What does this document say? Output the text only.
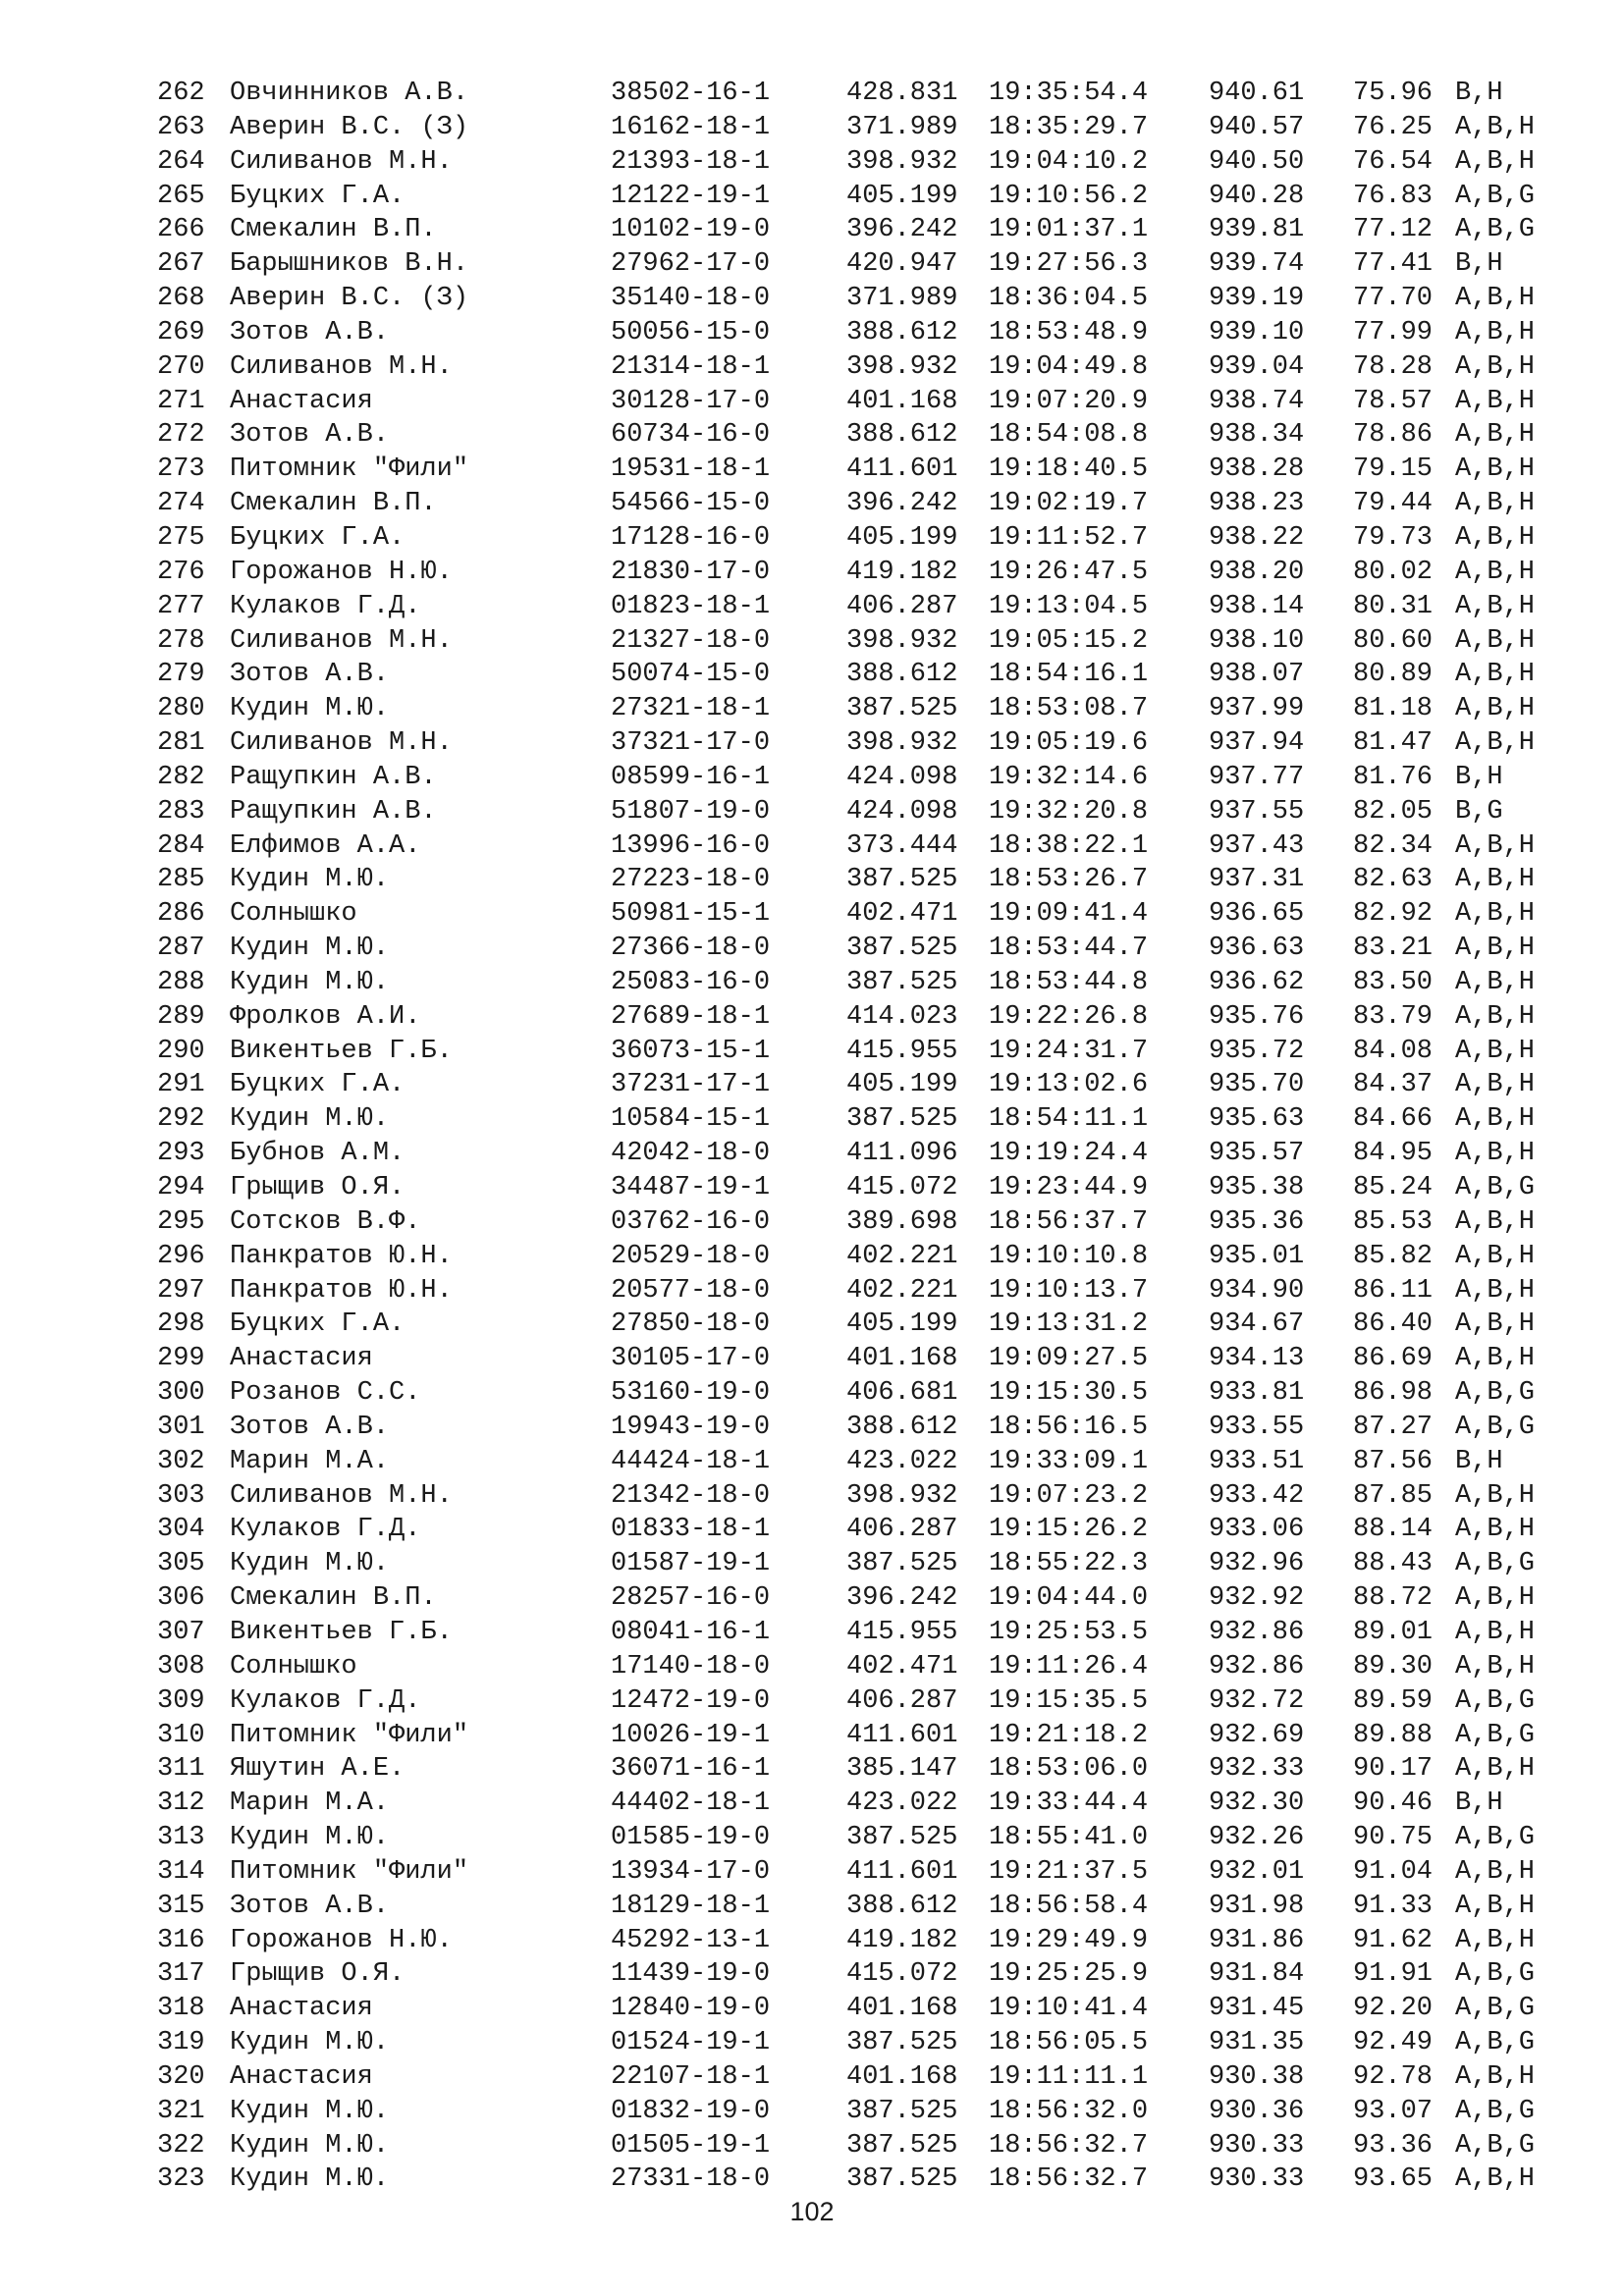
262 Овчинников А.В.	38502-16-1	428.831 19:35:54.4 940.61 75.96 B,H
263 Аверин В.С. (З)	16162-18-1	371.989 18:35:29.7 940.57 76.25 A,B,H
264 Силиванов М.Н.	21393-18-1	398.932 19:04:10.2 940.50 76.54 A,B,H
265 Буцких Г.А.	12122-19-1	405.199 19:10:56.2 940.28 76.83 A,B,G
266 Смекалин В.П.	10102-19-0	396.242 19:01:37.1 939.81 77.12 A,B,G
267 Барышников В.Н.	27962-17-0	420.947 19:27:56.3 939.74 77.41 B,H
268 Аверин В.С. (З)	35140-18-0	371.989 18:36:04.5 939.19 77.70 A,B,H
269 Зотов А.В.	50056-15-0	388.612 18:53:48.9 939.10 77.99 A,B,H
270 Силиванов М.Н.	21314-18-1	398.932 19:04:49.8 939.04 78.28 A,B,H
271 Анастасия	30128-17-0	401.168 19:07:20.9 938.74 78.57 A,B,H
272 Зотов А.В.	60734-16-0	388.612 18:54:08.8 938.34 78.86 A,B,H
273 Питомник "Фили"	19531-18-1	411.601 19:18:40.5 938.28 79.15 A,B,H
274 Смекалин В.П.	54566-15-0	396.242 19:02:19.7 938.23 79.44 A,B,H
275 Буцких Г.А.	17128-16-0	405.199 19:11:52.7 938.22 79.73 A,B,H
276 Горожанов Н.Ю.	21830-17-0	419.182 19:26:47.5 938.20 80.02 A,B,H
277 Кулаков Г.Д.	01823-18-1	406.287 19:13:04.5 938.14 80.31 A,B,H
278 Силиванов М.Н.	21327-18-0	398.932 19:05:15.2 938.10 80.60 A,B,H
279 Зотов А.В.	50074-15-0	388.612 18:54:16.1 938.07 80.89 A,B,H
280 Кудин М.Ю.	27321-18-1	387.525 18:53:08.7 937.99 81.18 A,B,H
281 Силиванов М.Н.	37321-17-0	398.932 19:05:19.6 937.94 81.47 A,B,H
282 Ращупкин А.В.	08599-16-1	424.098 19:32:14.6 937.77 81.76 B,H
283 Ращупкин А.В.	51807-19-0	424.098 19:32:20.8 937.55 82.05 B,G
284 Елфимов А.А.	13996-16-0	373.444 18:38:22.1 937.43 82.34 A,B,H
285 Кудин М.Ю.	27223-18-0	387.525 18:53:26.7 937.31 82.63 A,B,H
286 Солнышко	50981-15-1	402.471 19:09:41.4 936.65 82.92 A,B,H
287 Кудин М.Ю.	27366-18-0	387.525 18:53:44.7 936.63 83.21 A,B,H
288 Кудин М.Ю.	25083-16-0	387.525 18:53:44.8 936.62 83.50 A,B,H
289 Фролков А.И.	27689-18-1	414.023 19:22:26.8 935.76 83.79 A,B,H
290 Викентьев Г.Б.	36073-15-1	415.955 19:24:31.7 935.72 84.08 A,B,H
291 Буцких Г.А.	37231-17-1	405.199 19:13:02.6 935.70 84.37 A,B,H
292 Кудин М.Ю.	10584-15-1	387.525 18:54:11.1 935.63 84.66 A,B,H
293 Бубнов А.М.	42042-18-0	411.096 19:19:24.4 935.57 84.95 A,B,H
294 Грыщив О.Я.	34487-19-1	415.072 19:23:44.9 935.38 85.24 A,B,G
295 Сотсков В.Ф.	03762-16-0	389.698 18:56:37.7 935.36 85.53 A,B,H
296 Панкратов Ю.Н.	20529-18-0	402.221 19:10:10.8 935.01 85.82 A,B,H
297 Панкратов Ю.Н.	20577-18-0	402.221 19:10:13.7 934.90 86.11 A,B,H
298 Буцких Г.А.	27850-18-0	405.199 19:13:31.2 934.67 86.40 A,B,H
299 Анастасия	30105-17-0	401.168 19:09:27.5 934.13 86.69 A,B,H
300 Розанов С.С.	53160-19-0	406.681 19:15:30.5 933.81 86.98 A,B,G
301 Зотов А.В.	19943-19-0	388.612 18:56:16.5 933.55 87.27 A,B,G
302 Марин М.А.	44424-18-1	423.022 19:33:09.1 933.51 87.56 B,H
303 Силиванов М.Н.	21342-18-0	398.932 19:07:23.2 933.42 87.85 A,B,H
304 Кулаков Г.Д.	01833-18-1	406.287 19:15:26.2 933.06 88.14 A,B,H
305 Кудин М.Ю.	01587-19-1	387.525 18:55:22.3 932.96 88.43 A,B,G
306 Смекалин В.П.	28257-16-0	396.242 19:04:44.0 932.92 88.72 A,B,H
307 Викентьев Г.Б.	08041-16-1	415.955 19:25:53.5 932.86 89.01 A,B,H
308 Солнышко	17140-18-0	402.471 19:11:26.4 932.86 89.30 A,B,H
309 Кулаков Г.Д.	12472-19-0	406.287 19:15:35.5 932.72 89.59 A,B,G
310 Питомник "Фили"	10026-19-1	411.601 19:21:18.2 932.69 89.88 A,B,G
311 Яшутин А.Е.	36071-16-1	385.147 18:53:06.0 932.33 90.17 A,B,H
312 Марин М.А.	44402-18-1	423.022 19:33:44.4 932.30 90.46 B,H
313 Кудин М.Ю.	01585-19-0	387.525 18:55:41.0 932.26 90.75 A,B,G
314 Питомник "Фили"	13934-17-0	411.601 19:21:37.5 932.01 91.04 A,B,H
315 Зотов А.В.	18129-18-1	388.612 18:56:58.4 931.98 91.33 A,B,H
316 Горожанов Н.Ю.	45292-13-1	419.182 19:29:49.9 931.86 91.62 A,B,H
317 Грыщив О.Я.	11439-19-0	415.072 19:25:25.9 931.84 91.91 A,B,G
318 Анастасия	12840-19-0	401.168 19:10:41.4 931.45 92.20 A,B,G
319 Кудин М.Ю.	01524-19-1	387.525 18:56:05.5 931.35 92.49 A,B,G
320 Анастасия	22107-18-1	401.168 19:11:11.1 930.38 92.78 A,B,H
321 Кудин М.Ю.	01832-19-0	387.525 18:56:32.0 930.36 93.07 A,B,G
322 Кудин М.Ю.	01505-19-1	387.525 18:56:32.7 930.33 93.36 A,B,G
323 Кудин М.Ю.	27331-18-0	387.525 18:56:32.7 930.33 93.65 A,B,H
102
